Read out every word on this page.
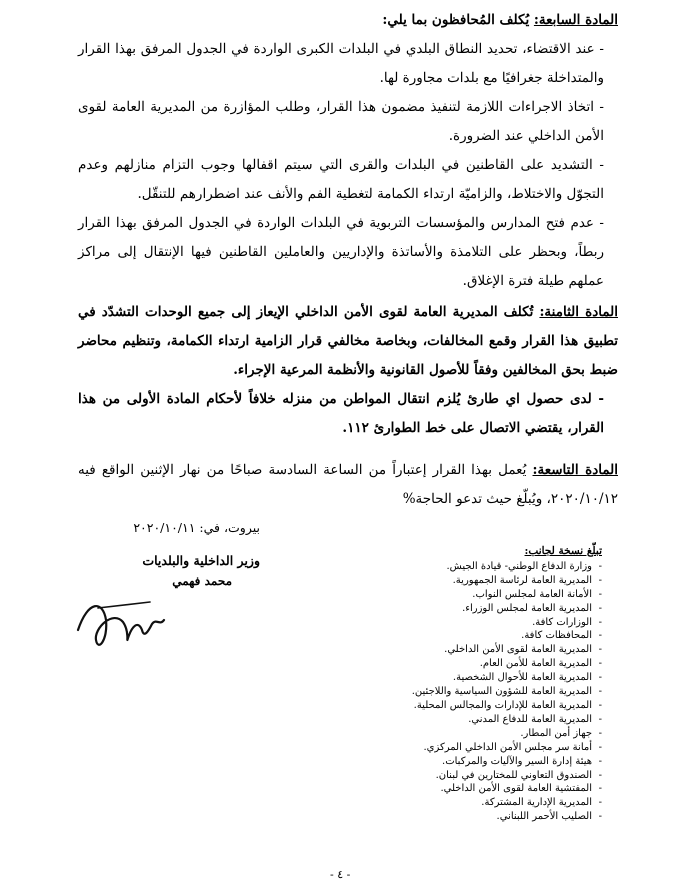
المادة السابعة: يُكلف المُحافظون بما يلي:
- عند الاقتضاء، تحديد النطاق البلدي في البلدات الكبرى الواردة في الجدول المرفق بهذا القرار والمتداخلة جغرافيًا مع بلدات مجاورة لها.
- اتخاذ الاجراءات اللازمة لتنفيذ مضمون هذا القرار، وطلب المؤازرة من المديرية العامة لقوى الأمن الداخلي عند الضرورة.
- التشديد على القاطنين في البلدات والقرى التي سيتم اقفالها وجوب التزام منازلهم وعدم التجوّل والاختلاط، والزاميّة ارتداء الكمامة لتغطية الفم والأنف عند اضطرارهم للتنقّل.
- عدم فتح المدارس والمؤسسات التربوية في البلدات الواردة في الجدول المرفق بهذا القرار ربطاً، وبحظر على التلامذة والأساتذة والإداريين والعاملين القاطنين فيها الإنتقال إلى مراكز عملهم طيلة فترة الإغلاق.
المادة الثامنة: تُكلف المديرية العامة لقوى الأمن الداخلي الإيعاز إلى جميع الوحدات التشدّد في تطبيق هذا القرار وقمع المخالفات، وبخاصة مخالفي قرار الزامية ارتداء الكمامة، وتنظيم محاضر ضبط بحق المخالفين وفقاً للأصول القانونية والأنظمة المرعية الإجراء.
- لدى حصول اي طارئ يُلزم انتقال المواطن من منزله خلافاً لأحكام المادة الأولى من هذا القرار، يقتضي الاتصال على خط الطوارئ ١١٢.
المادة التاسعة: يُعمل بهذا القرار إعتباراً من الساعة السادسة صباحًا من نهار الإثنين الواقع فيه ٢٠٢٠/١٠/١٢، ويُبلّغ حيث تدعو الحاجة%
بيروت، في: ٢٠٢٠/١٠/١١
وزير الداخلية والبلديات
محمد فهمي
تبلّغ نسخة لجانب:
- وزارة الدفاع الوطني- قيادة الجيش.
- المديرية العامة لرئاسة الجمهورية.
- الأمانة العامة لمجلس النواب.
- المديرية العامة لمجلس الوزراء.
- الوزارات كافة.
- المحافظات كافة.
- المديرية العامة لقوى الأمن الداخلي.
- المديرية العامة للأمن العام.
- المديرية العامة للأحوال الشخصية.
- المديرية العامة للشؤون السياسية واللاجئين.
- المديرية العامة للإدارات والمجالس المحلية.
- المديرية العامة للدفاع المدني.
- جهاز أمن المطار.
- أمانة سر مجلس الأمن الداخلي المركزي.
- هيئة إدارة السير والآليات والمركبات.
- الصندوق التعاوني للمختارين في لبنان.
- المفتشية العامة لقوى الأمن الداخلي.
- المديرية الإدارية المشتركة.
- الصليب الأحمر اللبناني.
- ٤ -
